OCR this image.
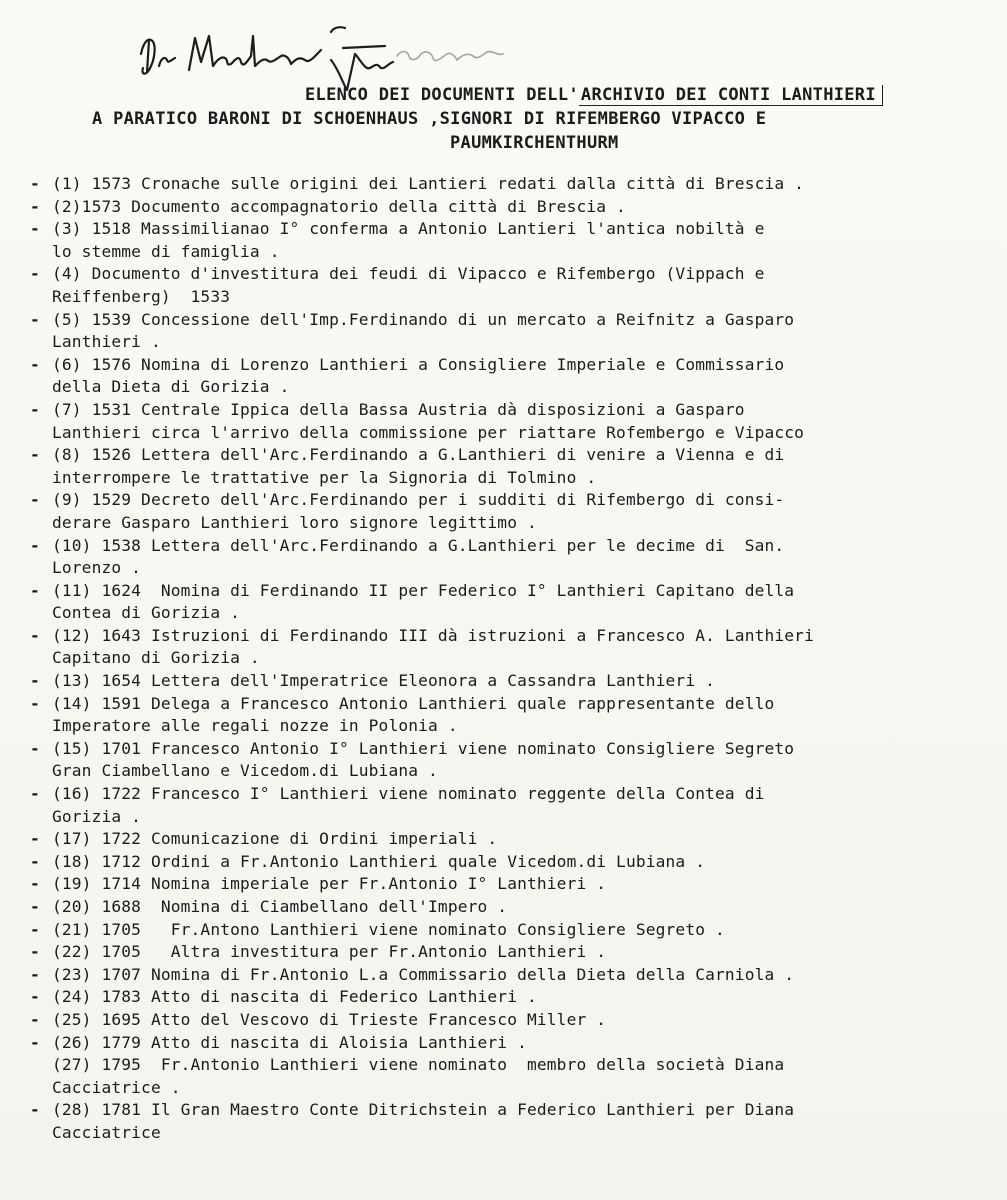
ELENCO DEI DOCUMENTI DELL' ARCHIVIO DEI CONTI LANTHIERI
A PARATICO BARONI DI SCHOENHAUS ,SIGNORI DI RIFEMBERGO VIPACCO E
PAUMKIRCHENTHURM
- (1) 1573 Cronache sulle origini dei Lantieri redati dalla città di Brescia .
- (2)1573 Documento accompagnatorio della città di Brescia .
- (3) 1518 Massimilianao I° conferma a Antonio Lantieri l'antica nobiltà e
lo stemme di famiglia .
- (4) Documento d'investitura dei feudi di Vipacco e Rifembergo (Vippach e
Reiffenberg)  1533
- (5) 1539 Concessione dell'Imp.Ferdinando di un mercato a Reifnitz a Gasparo
Lanthieri .
- (6) 1576 Nomina di Lorenzo Lanthieri a Consigliere Imperiale e Commissario
della Dieta di Gorizia .
- (7) 1531 Centrale Ippica della Bassa Austria dà disposizioni a Gasparo
Lanthieri circa l'arrivo della commissione per riattare Rofembergo e Vipacco
- (8) 1526 Lettera dell'Arc.Ferdinando a G.Lanthieri di venire a Vienna e di
interrompere le trattative per la Signoria di Tolmino .
- (9) 1529 Decreto dell'Arc.Ferdinando per i sudditi di Rifembergo di consi-
derare Gasparo Lanthieri loro signore legittimo .
- (10) 1538 Lettera dell'Arc.Ferdinando a G.Lanthieri per le decime di  San.
Lorenzo .
- (11) 1624  Nomina di Ferdinando II per Federico I° Lanthieri Capitano della
Contea di Gorizia .
- (12) 1643 Istruzioni di Ferdinando III dà istruzioni a Francesco A. Lanthieri
Capitano di Gorizia .
- (13) 1654 Lettera dell'Imperatrice Eleonora a Cassandra Lanthieri .
- (14) 1591 Delega a Francesco Antonio Lanthieri quale rappresentante dello
Imperatore alle regali nozze in Polonia .
- (15) 1701 Francesco Antonio I° Lanthieri viene nominato Consigliere Segreto
Gran Ciambellano e Vicedom.di Lubiana .
- (16) 1722 Francesco I° Lanthieri viene nominato reggente della Contea di
Gorizia .
- (17) 1722 Comunicazione di Ordini imperiali .
- (18) 1712 Ordini a Fr.Antonio Lanthieri quale Vicedom.di Lubiana .
- (19) 1714 Nomina imperiale per Fr.Antonio I° Lanthieri .
- (20) 1688  Nomina di Ciambellano dell'Impero .
- (21) 1705   Fr.Antono Lanthieri viene nominato Consigliere Segreto .
- (22) 1705   Altra investitura per Fr.Antonio Lanthieri .
- (23) 1707 Nomina di Fr.Antonio L.a Commissario della Dieta della Carniola .
- (24) 1783 Atto di nascita di Federico Lanthieri .
- (25) 1695 Atto del Vescovo di Trieste Francesco Miller .
- (26) 1779 Atto di nascita di Aloisia Lanthieri .
(27) 1795  Fr.Antonio Lanthieri viene nominato  membro della società Diana
Cacciatrice .
- (28) 1781 Il Gran Maestro Conte Ditrichstein a Federico Lanthieri per Diana
Cacciatrice
